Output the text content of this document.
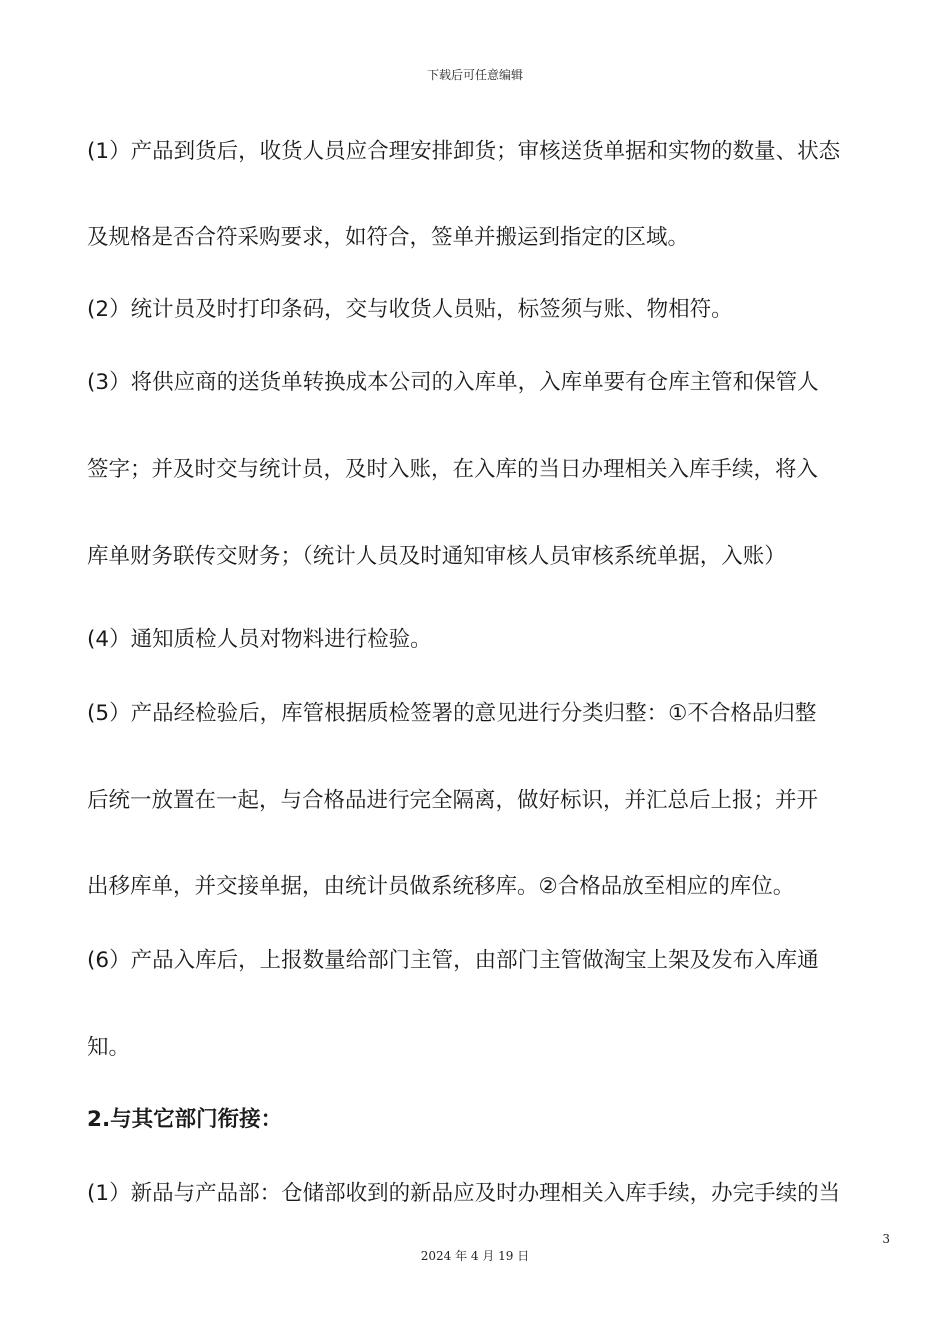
下载后可任意编辑
(1）产品到货后，收货人员应合理安排卸货；审核送货单据和实物的数量、状态
及规格是否合符采购要求，如符合，签单并搬运到指定的区域。
(2）统计员及时打印条码，交与收货人员贴，标签须与账、物相符。
(3）将供应商的送货单转换成本公司的入库单，入库单要有仓库主管和保管人
签字；并及时交与统计员，及时入账，在入库的当日办理相关入库手续，将入
库单财务联传交财务；（统计人员及时通知审核人员审核系统单据，入账）
(4）通知质检人员对物料进行检验。
(5）产品经检验后，库管根据质检签署的意见进行分类归整：①不合格品归整
后统一放置在一起，与合格品进行完全隔离，做好标识，并汇总后上报；并开
出移库单，并交接单据，由统计员做系统移库。②合格品放至相应的库位。
(6）产品入库后，上报数量给部门主管，由部门主管做淘宝上架及发布入库通
知。
2.与其它部门衔接：
(1）新品与产品部：仓储部收到的新品应及时办理相关入库手续，办完手续的当
3
2024 年 4 月 19 日
